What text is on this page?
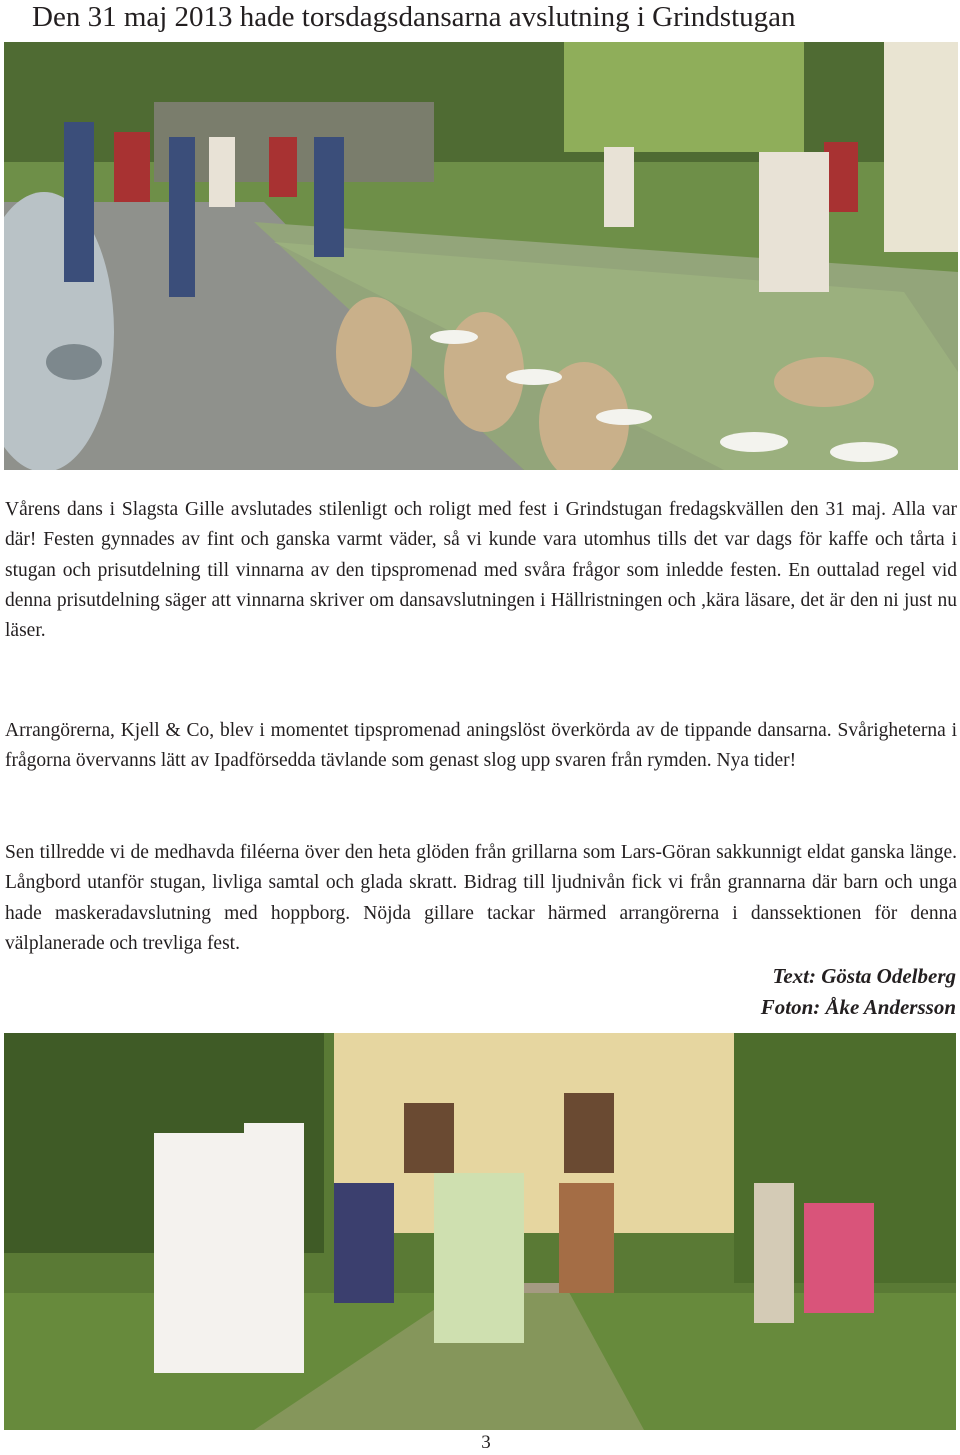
Den 31 maj 2013 hade torsdagsdansarna avslutning i Grindstugan

Vårens dans i Slagsta Gille avslutades stilenligt och roligt med fest i Grindstugan fredagskvällen den 31 maj. Alla var där! Festen gynnades av fint och ganska varmt väder, så vi kunde vara utomhus tills det var dags för kaffe och tårta i stugan och prisutdelning till vinnarna av den tipspromenad med svåra frågor som inledde festen. En outtalad regel vid denna prisutdelning säger att vinnarna skriver om dansavslutningen i Hällristningen och ,kära läsare, det är den ni just nu läser.

Arrangörerna, Kjell & Co, blev i momentet tipspromenad aningslöst överkörda av de tippande dansarna. Svårigheterna i frågorna övervanns lätt av Ipadförsedda tävlande som genast slog upp svaren från rymden. Nya tider!

Sen tillredde vi de medhavda filéerna över den heta glöden från grillarna som Lars-Göran sakkunnigt eldat ganska länge. Långbord utanför stugan, livliga samtal och glada skratt. Bidrag till ljudnivån fick vi från grannarna där barn och unga hade maskeradavslutning med hoppborg. Nöjda gillare tackar härmed arrangörerna i danssektionen för denna välplanerade och trevliga fest.

Text: Gösta Odelberg
Foton: Åke Andersson
3
